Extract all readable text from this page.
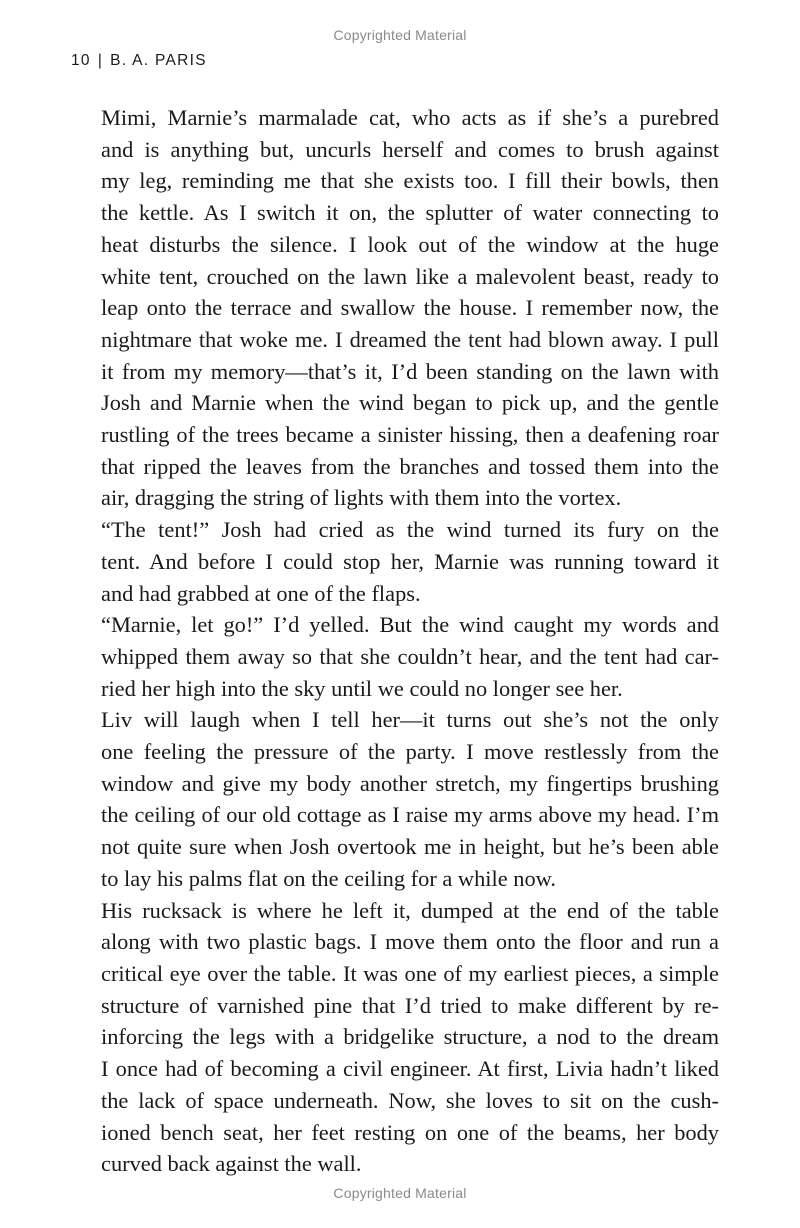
Copyrighted Material
10 | B. A. PARIS

Mimi, Marnie’s marmalade cat, who acts as if she’s a purebred
and is anything but, uncurls herself and comes to brush against
my leg, reminding me that she exists too. I fill their bowls, then
the kettle. As I switch it on, the splutter of water connecting to
heat disturbs the silence. I look out of the window at the huge
white tent, crouched on the lawn like a malevolent beast, ready to
leap onto the terrace and swallow the house. I remember now, the
nightmare that woke me. I dreamed the tent had blown away. I pull
it from my memory—that’s it, I’d been standing on the lawn with
Josh and Marnie when the wind began to pick up, and the gentle
rustling of the trees became a sinister hissing, then a deafening roar
that ripped the leaves from the branches and tossed them into the
air, dragging the string of lights with them into the vortex.

“The tent!” Josh had cried as the wind turned its fury on the
tent. And before I could stop her, Marnie was running toward it
and had grabbed at one of the flaps.

“Marnie, let go!” I’d yelled. But the wind caught my words and
whipped them away so that she couldn’t hear, and the tent had car-
ried her high into the sky until we could no longer see her.

Liv will laugh when I tell her—it turns out she’s not the only
one feeling the pressure of the party. I move restlessly from the
window and give my body another stretch, my fingertips brushing
the ceiling of our old cottage as I raise my arms above my head. I’m
not quite sure when Josh overtook me in height, but he’s been able
to lay his palms flat on the ceiling for a while now.

His rucksack is where he left it, dumped at the end of the table
along with two plastic bags. I move them onto the floor and run a
critical eye over the table. It was one of my earliest pieces, a simple
structure of varnished pine that I’d tried to make different by re-
inforcing the legs with a bridgelike structure, a nod to the dream
I once had of becoming a civil engineer. At first, Livia hadn’t liked
the lack of space underneath. Now, she loves to sit on the cush-
ioned bench seat, her feet resting on one of the beams, her body
curved back against the wall.

Copyrighted Material
